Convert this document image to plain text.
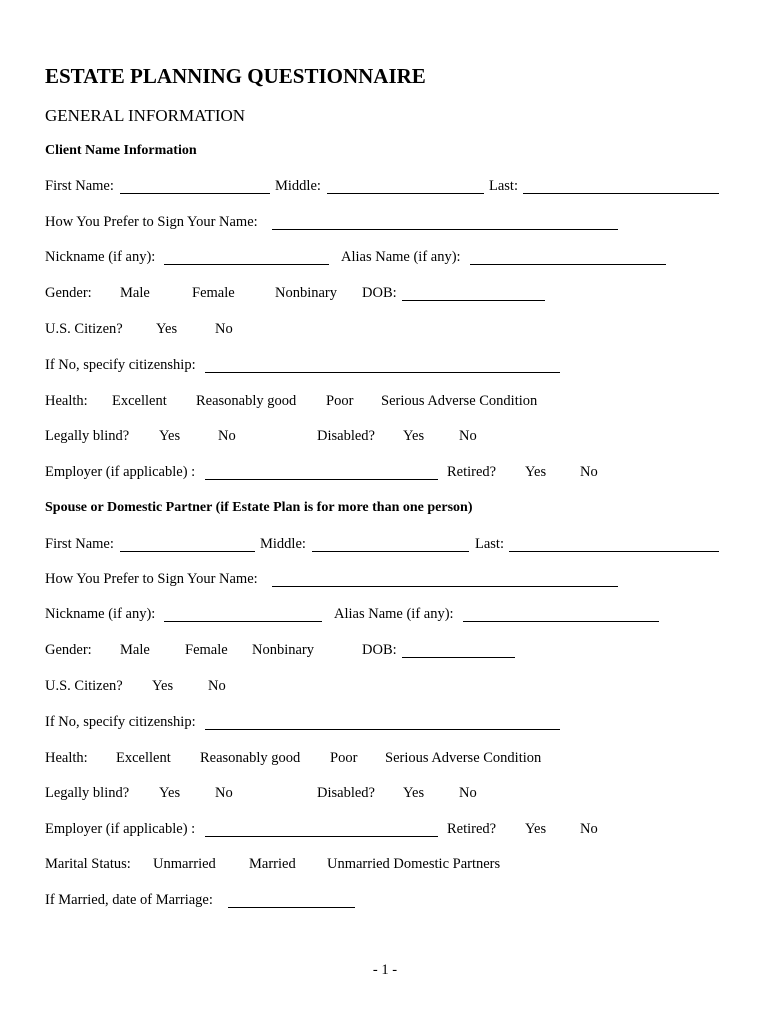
ESTATE PLANNING QUESTIONNAIRE
GENERAL INFORMATION
Client Name Information
First Name:	Middle:	Last:
How You Prefer to Sign Your Name:
Nickname (if any):	Alias Name (if any):
Gender: Male	Female	Nonbinary DOB:
U.S. Citizen? Yes	No
If No, specify citizenship:
Health: Excellent Reasonably good Poor Serious Adverse Condition
Legally blind? Yes	No	Disabled? Yes No
Employer (if applicable) :	Retired? Yes No
Spouse or Domestic Partner (if Estate Plan is for more than one person)
First Name:	Middle:	Last:
How You Prefer to Sign Your Name:
Nickname (if any):	Alias Name (if any):
Gender: Male Female Nonbinary	DOB:
U.S. Citizen? Yes No
If No, specify citizenship:
Health: Excellent Reasonably good Poor Serious Adverse Condition
Legally blind? Yes No	Disabled? Yes No
Employer (if applicable) :	Retired? Yes No
Marital Status: Unmarried Married Unmarried Domestic Partners
If Married, date of Marriage:
- 1 -
